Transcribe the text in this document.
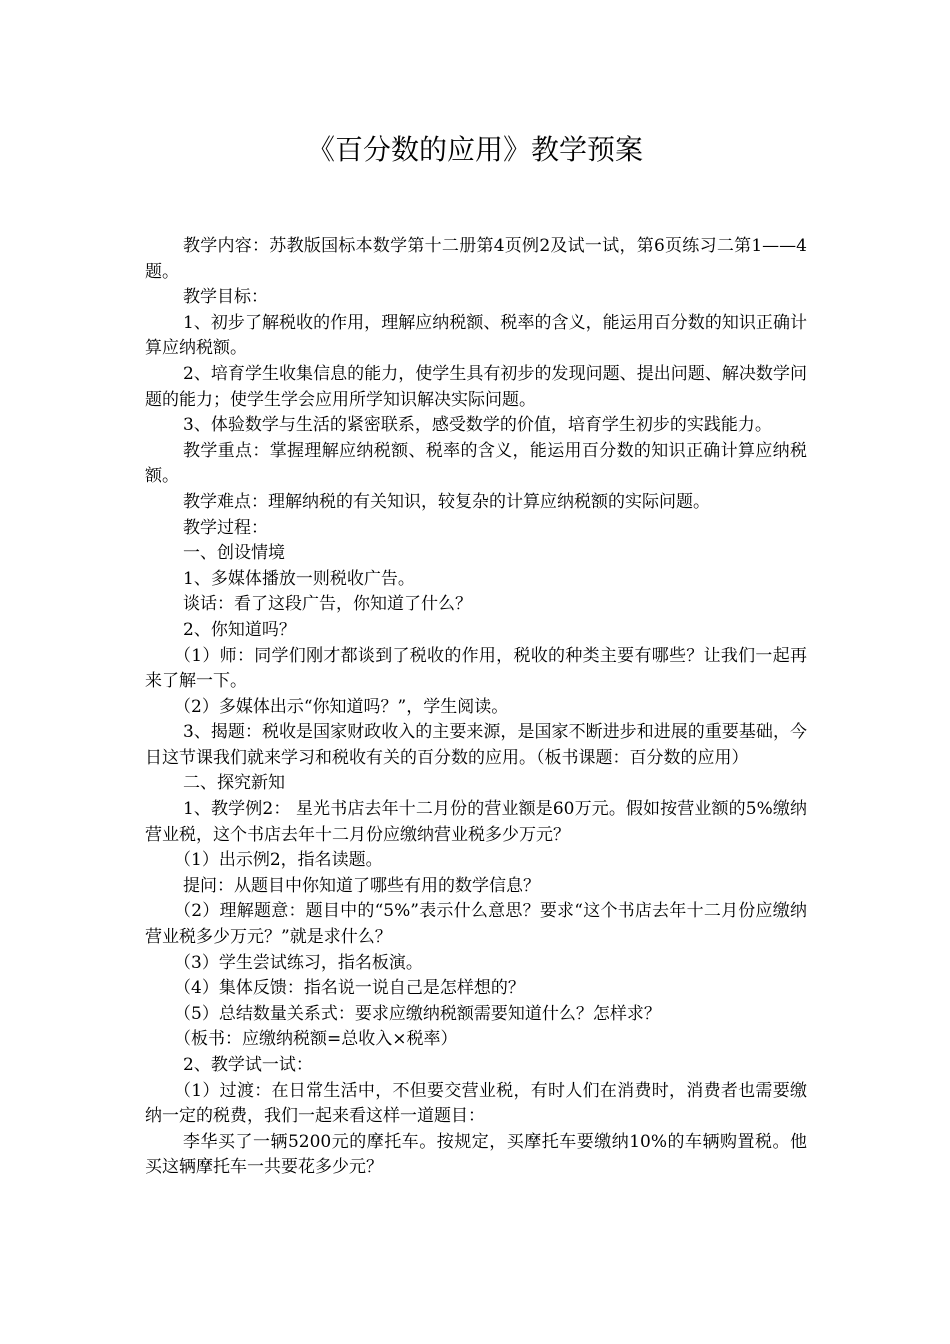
《百分数的应用》教学预案

教学内容：苏教版国标本数学第十二册第4页例2及试一试，第6页练习二第1——4题。

教学目标：

1、初步了解税收的作用，理解应纳税额、税率的含义，能运用百分数的知识正确计算应纳税额。

2、培育学生收集信息的能力，使学生具有初步的发现问题、提出问题、解决数学问题的能力；使学生学会应用所学知识解决实际问题。

3、体验数学与生活的紧密联系，感受数学的价值，培育学生初步的实践能力。

教学重点：掌握理解应纳税额、税率的含义，能运用百分数的知识正确计算应纳税额。

教学难点：理解纳税的有关知识，较复杂的计算应纳税额的实际问题。

教学过程：

一、创设情境

1、多媒体播放一则税收广告。

谈话：看了这段广告，你知道了什么？

2、你知道吗？

（1）师：同学们刚才都谈到了税收的作用，税收的种类主要有哪些？让我们一起再来了解一下。

（2）多媒体出示“你知道吗？”，学生阅读。

3、揭题：税收是国家财政收入的主要来源，是国家不断进步和进展的重要基础，今日这节课我们就来学习和税收有关的百分数的应用。（板书课题：百分数的应用）

二、探究新知

1、教学例2： 星光书店去年十二月份的营业额是60万元。假如按营业额的5%缴纳营业税，这个书店去年十二月份应缴纳营业税多少万元？

（1）出示例2，指名读题。

提问：从题目中你知道了哪些有用的数学信息？

（2）理解题意：题目中的“5%”表示什么意思？要求“这个书店去年十二月份应缴纳营业税多少万元？”就是求什么？

（3）学生尝试练习，指名板演。

（4）集体反馈：指名说一说自己是怎样想的？

（5）总结数量关系式：要求应缴纳税额需要知道什么？怎样求？

（板书：应缴纳税额=总收入×税率）

2、教学试一试：

（1）过渡：在日常生活中，不但要交营业税，有时人们在消费时，消费者也需要缴纳一定的税费，我们一起来看这样一道题目：

李华买了一辆5200元的摩托车。按规定，买摩托车要缴纳10%的车辆购置税。他买这辆摩托车一共要花多少元？
